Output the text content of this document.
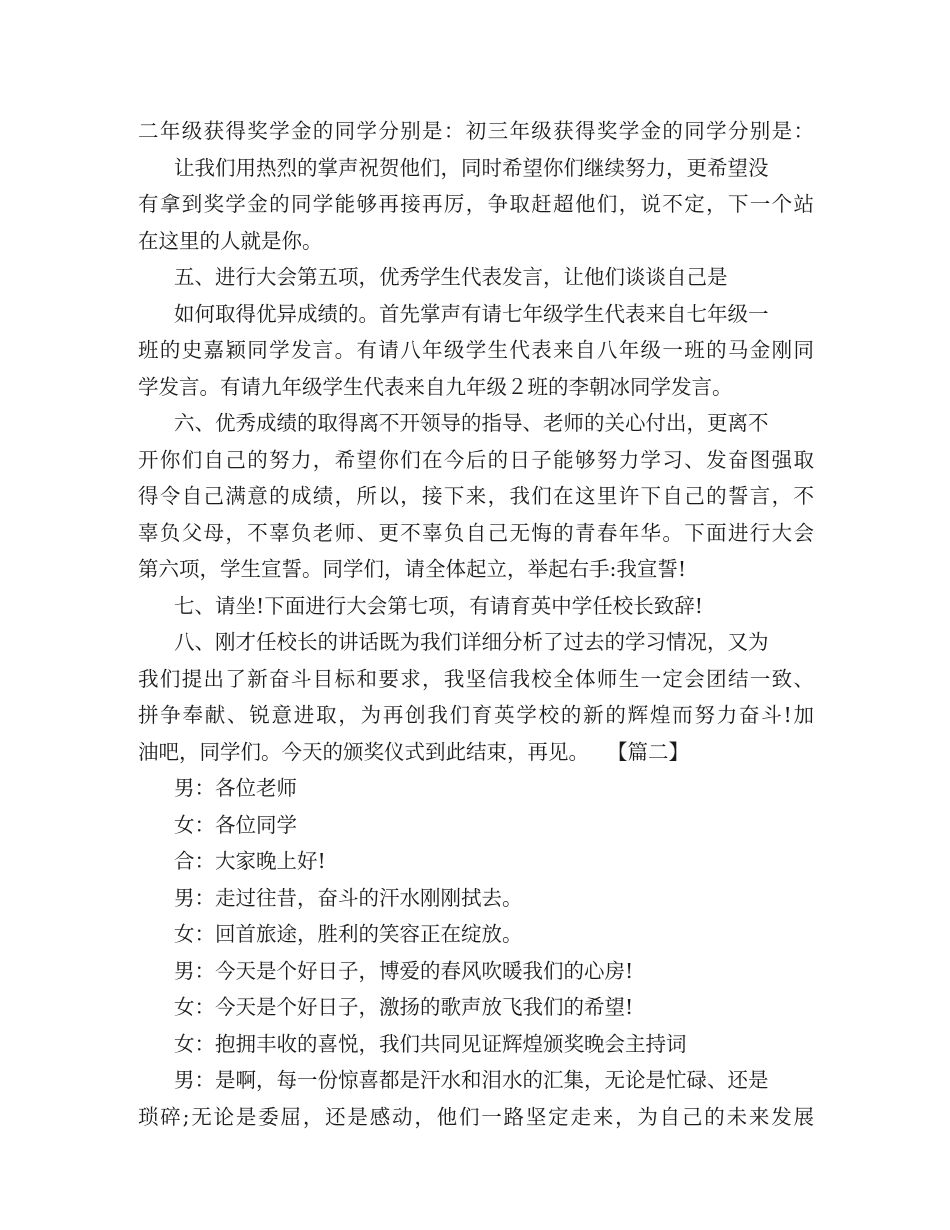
二年级获得奖学金的同学分别是：初三年级获得奖学金的同学分别是：
让我们用热烈的掌声祝贺他们，同时希望你们继续努力，更希望没
有拿到奖学金的同学能够再接再厉，争取赶超他们，说不定，下一个站
在这里的人就是你。
五、进行大会第五项，优秀学生代表发言，让他们谈谈自己是
如何取得优异成绩的。首先掌声有请七年级学生代表来自七年级一
班的史嘉颖同学发言。有请八年级学生代表来自八年级一班的马金刚同
学发言。有请九年级学生代表来自九年级２班的李朝冰同学发言。
六、优秀成绩的取得离不开领导的指导、老师的关心付出，更离不
开你们自己的努力，希望你们在今后的日子能够努力学习、发奋图强取
得令自己满意的成绩，所以，接下来，我们在这里许下自己的誓言，不
辜负父母，不辜负老师、更不辜负自己无悔的青春年华。下面进行大会
第六项，学生宣誓。同学们，请全体起立，举起右手:我宣誓!
七、请坐!下面进行大会第七项，有请育英中学任校长致辞!
八、刚才任校长的讲话既为我们详细分析了过去的学习情况，又为
我们提出了新奋斗目标和要求，我坚信我校全体师生一定会团结一致、
拼争奉献、锐意进取，为再创我们育英学校的新的辉煌而努力奋斗!加
油吧，同学们。今天的颁奖仪式到此结束，再见。 【篇二】
男：各位老师
女：各位同学
合：大家晚上好!
男：走过往昔，奋斗的汗水刚刚拭去。
女：回首旅途，胜利的笑容正在绽放。
男：今天是个好日子，博爱的春风吹暖我们的心房!
女：今天是个好日子，激扬的歌声放飞我们的希望!
女：抱拥丰收的喜悦，我们共同见证辉煌颁奖晚会主持词
男：是啊，每一份惊喜都是汗水和泪水的汇集，无论是忙碌、还是
琐碎;无论是委屈，还是感动，他们一路坚定走来，为自己的未来发展
